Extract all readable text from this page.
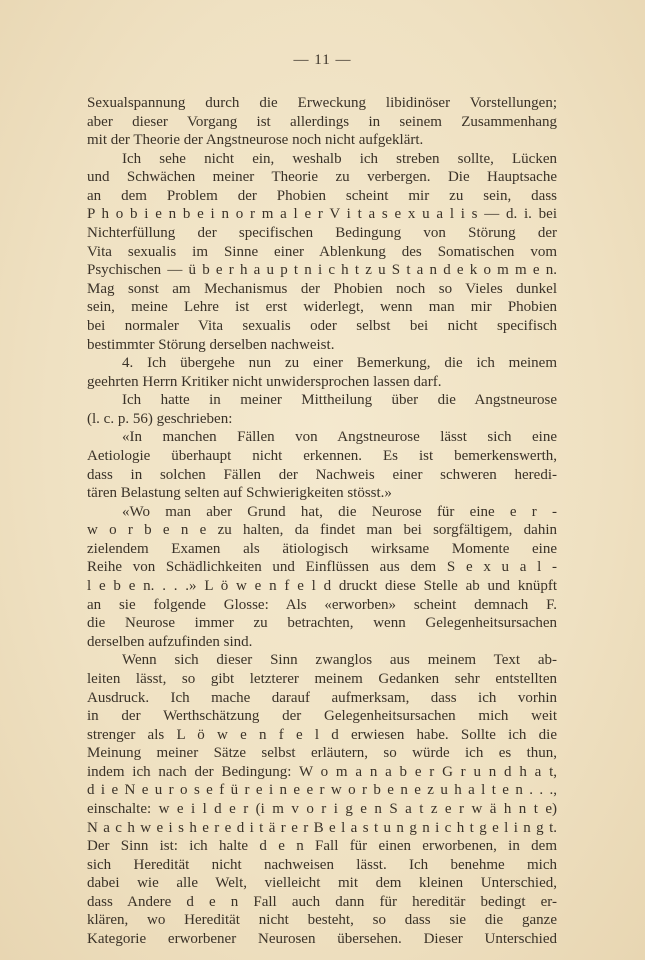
— 11 —
Sexualspannung durch die Erweckung libidinöser Vorstellungen;
aber dieser Vorgang ist allerdings in seinem Zusammenhang
mit der Theorie der Angstneurose noch nicht aufgeklärt.
Ich sehe nicht ein, weshalb ich streben sollte, Lücken
und Schwächen meiner Theorie zu verbergen. Die Hauptsache
an dem Problem der Phobien scheint mir zu sein, dass
P h o b i e n b e i n o r m a l e r V i t a s e x u a l i s — d. i. bei
Nichterfüllung der specifischen Bedingung von Störung der
Vita sexualis im Sinne einer Ablenkung des Somatischen vom
Psychischen — ü b e r h a u p t n i c h t z u S t a n d e k o m m e n.
Mag sonst am Mechanismus der Phobien noch so Vieles dunkel
sein, meine Lehre ist erst widerlegt, wenn man mir Phobien
bei normaler Vita sexualis oder selbst bei nicht specifisch
bestimmter Störung derselben nachweist.
4. Ich übergehe nun zu einer Bemerkung, die ich meinem
geehrten Herrn Kritiker nicht unwidersprochen lassen darf.
Ich hatte in meiner Mittheilung über die Angstneurose
(l. c. p. 56) geschrieben:
«In manchen Fällen von Angstneurose lässt sich eine
Aetiologie überhaupt nicht erkennen. Es ist bemerkenswerth,
dass in solchen Fällen der Nachweis einer schweren heredi-
tären Belastung selten auf Schwierigkeiten stösst.»
«Wo man aber Grund hat, die Neurose für eine e r -
w o r b e n e zu halten, da findet man bei sorgfältigem, dahin
zielendem Examen als ätiologisch wirksame Momente eine
Reihe von Schädlichkeiten und Einflüssen aus dem S e x u a l -
l e b e n. . . .» L ö w e n f e l d druckt diese Stelle ab und knüpft
an sie folgende Glosse: Als «erworben» scheint demnach F.
die Neurose immer zu betrachten, wenn Gelegenheitsursachen
derselben aufzufinden sind.
Wenn sich dieser Sinn zwanglos aus meinem Text ab-
leiten lässt, so gibt letzterer meinem Gedanken sehr entstellten
Ausdruck. Ich mache darauf aufmerksam, dass ich vorhin
in der Werthschätzung der Gelegenheitsursachen mich weit
strenger als L ö w e n f e l d erwiesen habe. Sollte ich die
Meinung meiner Sätze selbst erläutern, so würde ich es thun,
indem ich nach der Bedingung: W o m a n a b e r G r u n d h a t,
d i e N e u r o s e f ü r e i n e e r w o r b e n e z u h a l t e n . . .,
einschalte: w e i l d e r (i m v o r i g e n S a t z e r w ä h n t e)
N a c h w e i s h e r e d i t ä r e r B e l a s t u n g n i c h t g e l i n g t.
Der Sinn ist: ich halte d e n Fall für einen erworbenen, in dem
sich Heredität nicht nachweisen lässt. Ich benehme mich
dabei wie alle Welt, vielleicht mit dem kleinen Unterschied,
dass Andere d e n Fall auch dann für hereditär bedingt er-
klären, wo Heredität nicht besteht, so dass sie die ganze
Kategorie erworbener Neurosen übersehen. Dieser Unterschied
